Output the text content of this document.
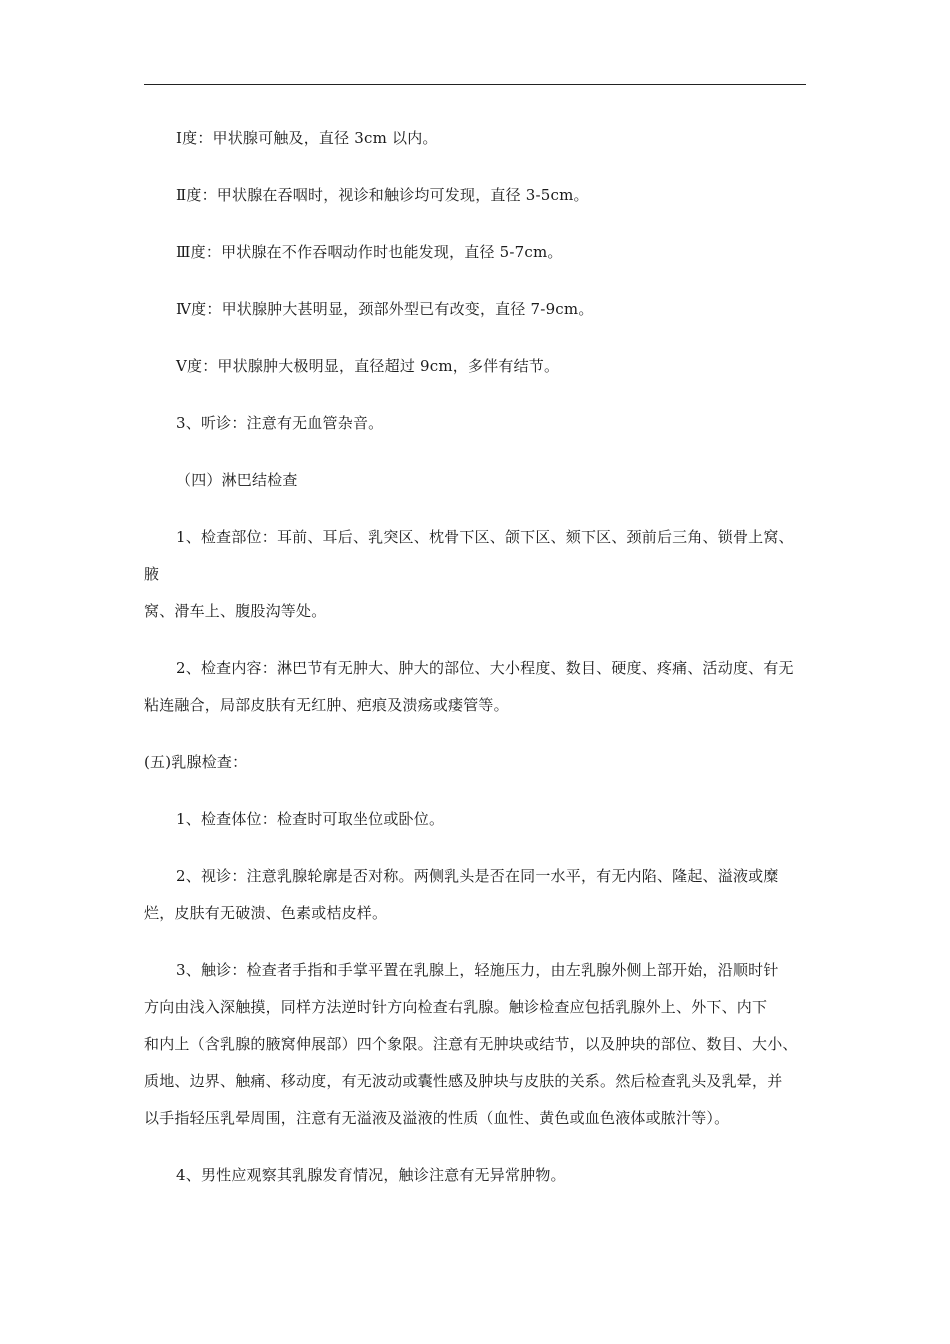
Ⅰ度：甲状腺可触及，直径 3cm 以内。

Ⅱ度：甲状腺在吞咽时，视诊和触诊均可发现，直径 3-5cm。

Ⅲ度：甲状腺在不作吞咽动作时也能发现，直径 5-7cm。

Ⅳ度：甲状腺肿大甚明显，颈部外型已有改变，直径 7-9cm。

Ⅴ度：甲状腺肿大极明显，直径超过 9cm，多伴有结节。

3、听诊：注意有无血管杂音。

（四）淋巴结检查

1、检查部位：耳前、耳后、乳突区、枕骨下区、颌下区、颏下区、颈前后三角、锁骨上窝、腋
窝、滑车上、腹股沟等处。

2、检查内容：淋巴节有无肿大、肿大的部位、大小程度、数目、硬度、疼痛、活动度、有无
粘连融合，局部皮肤有无红肿、疤痕及溃疡或瘘管等。

(五)乳腺检查：

1、检查体位：检查时可取坐位或卧位。

2、视诊：注意乳腺轮廓是否对称。两侧乳头是否在同一水平，有无内陷、隆起、溢液或糜
烂，皮肤有无破溃、色素或桔皮样。

3、触诊：检查者手指和手掌平置在乳腺上，轻施压力，由左乳腺外侧上部开始，沿顺时针
方向由浅入深触摸，同样方法逆时针方向检查右乳腺。触诊检查应包括乳腺外上、外下、内下
和内上（含乳腺的腋窝伸展部）四个象限。注意有无肿块或结节，以及肿块的部位、数目、大小、
质地、边界、触痛、移动度，有无波动或囊性感及肿块与皮肤的关系。然后检查乳头及乳晕，并
以手指轻压乳晕周围，注意有无溢液及溢液的性质（血性、黄色或血色液体或脓汁等）。

4、男性应观察其乳腺发育情况，触诊注意有无异常肿物。
